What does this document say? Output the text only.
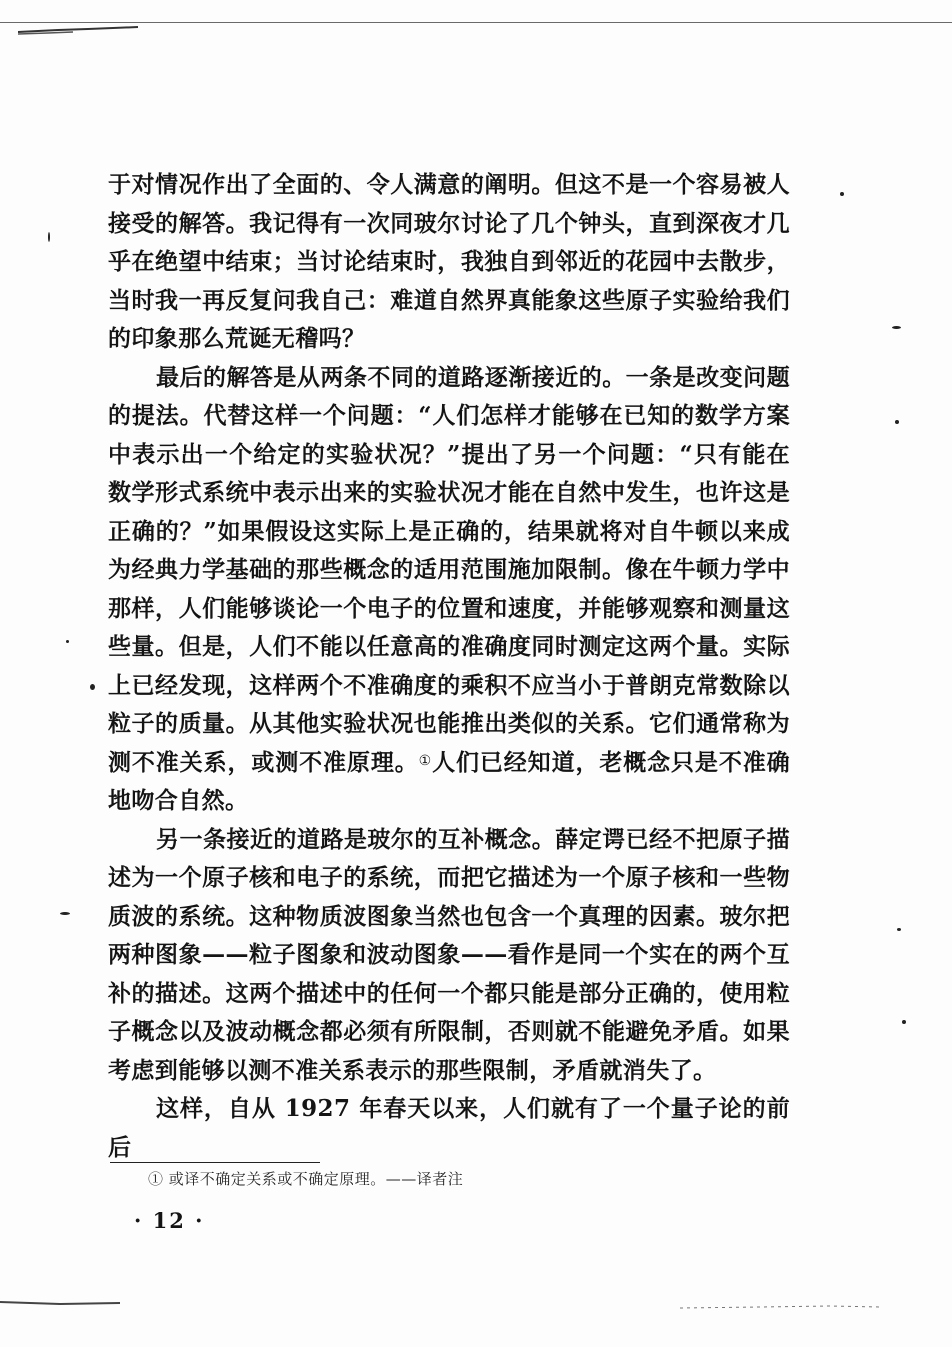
于对情况作出了全面的、令人满意的阐明。但这不是一个容易被人接受的解答。我记得有一次同玻尔讨论了几个钟头，直到深夜才几乎在绝望中结束；当讨论结束时，我独自到邻近的花园中去散步，当时我一再反复问我自己：难道自然界真能象这些原子实验给我们的印象那么荒诞无稽吗？

最后的解答是从两条不同的道路逐渐接近的。一条是改变问题的提法。代替这样一个问题：“人们怎样才能够在已知的数学方案中表示出一个给定的实验状况？”提出了另一个问题：“只有能在数学形式系统中表示出来的实验状况才能在自然中发生，也许这是正确的？”如果假设这实际上是正确的，结果就将对自牛顿以来成为经典力学基础的那些概念的适用范围施加限制。像在牛顿力学中那样，人们能够谈论一个电子的位置和速度，并能够观察和测量这些量。但是，人们不能以任意高的准确度同时测定这两个量。实际上已经发现，这样两个不准确度的乘积不应当小于普朗克常数除以粒子的质量。从其他实验状况也能推出类似的关系。它们通常称为测不准关系，或测不准原理。①人们已经知道，老概念只是不准确地吻合自然。

另一条接近的道路是玻尔的互补概念。薛定谔已经不把原子描述为一个原子核和电子的系统，而把它描述为一个原子核和一些物质波的系统。这种物质波图象当然也包含一个真理的因素。玻尔把两种图象——粒子图象和波动图象——看作是同一个实在的两个互补的描述。这两个描述中的任何一个都只能是部分正确的，使用粒子概念以及波动概念都必须有所限制，否则就不能避免矛盾。如果考虑到能够以测不准关系表示的那些限制，矛盾就消失了。

这样，自从 1927 年春天以来，人们就有了一个量子论的前后

① 或译不确定关系或不确定原理。——译者注
· 12 ·
